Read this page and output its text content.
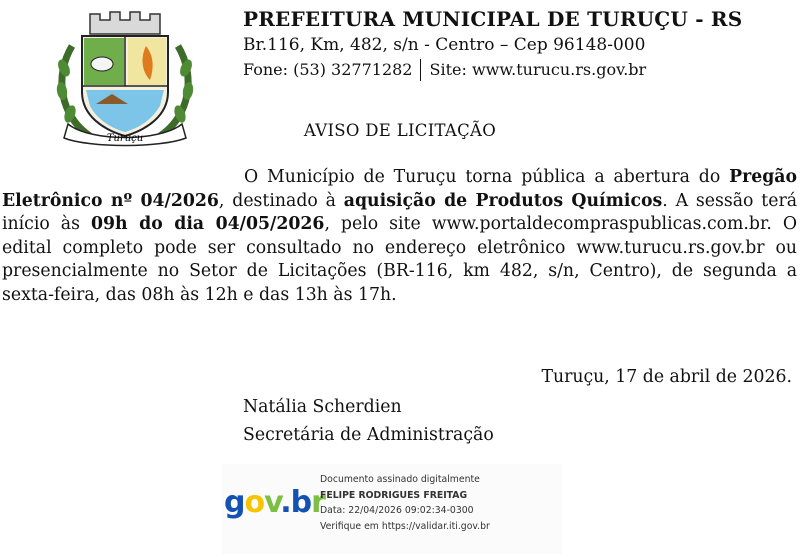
Turuçu
PREFEITURA MUNICIPAL DE TURUÇU - RS
Br.116, Km, 482, s/n - Centro – Cep 96148-000
Fone: (53) 32771282 Site: www.turucu.rs.gov.br
AVISO DE LICITAÇÃO
O Município de Turuçu torna pública a abertura do Pregão Eletrônico nº 04/2026, destinado à aquisição de Produtos Químicos. A sessão terá início às 09h do dia 04/05/2026, pelo site www.portaldecompraspublicas.com.br. O edital completo pode ser consultado no endereço eletrônico www.turucu.rs.gov.br ou presencialmente no Setor de Licitações (BR-116, km 482, s/n, Centro), de segunda a sexta-feira, das 08h às 12h e das 13h às 17h.
Turuçu, 17 de abril de 2026.
Natália Scherdien
Secretária de Administração
gov.br
Documento assinado digitalmente
FELIPE RODRIGUES FREITAG
Data: 22/04/2026 09:02:34-0300
Verifique em https://validar.iti.gov.br
